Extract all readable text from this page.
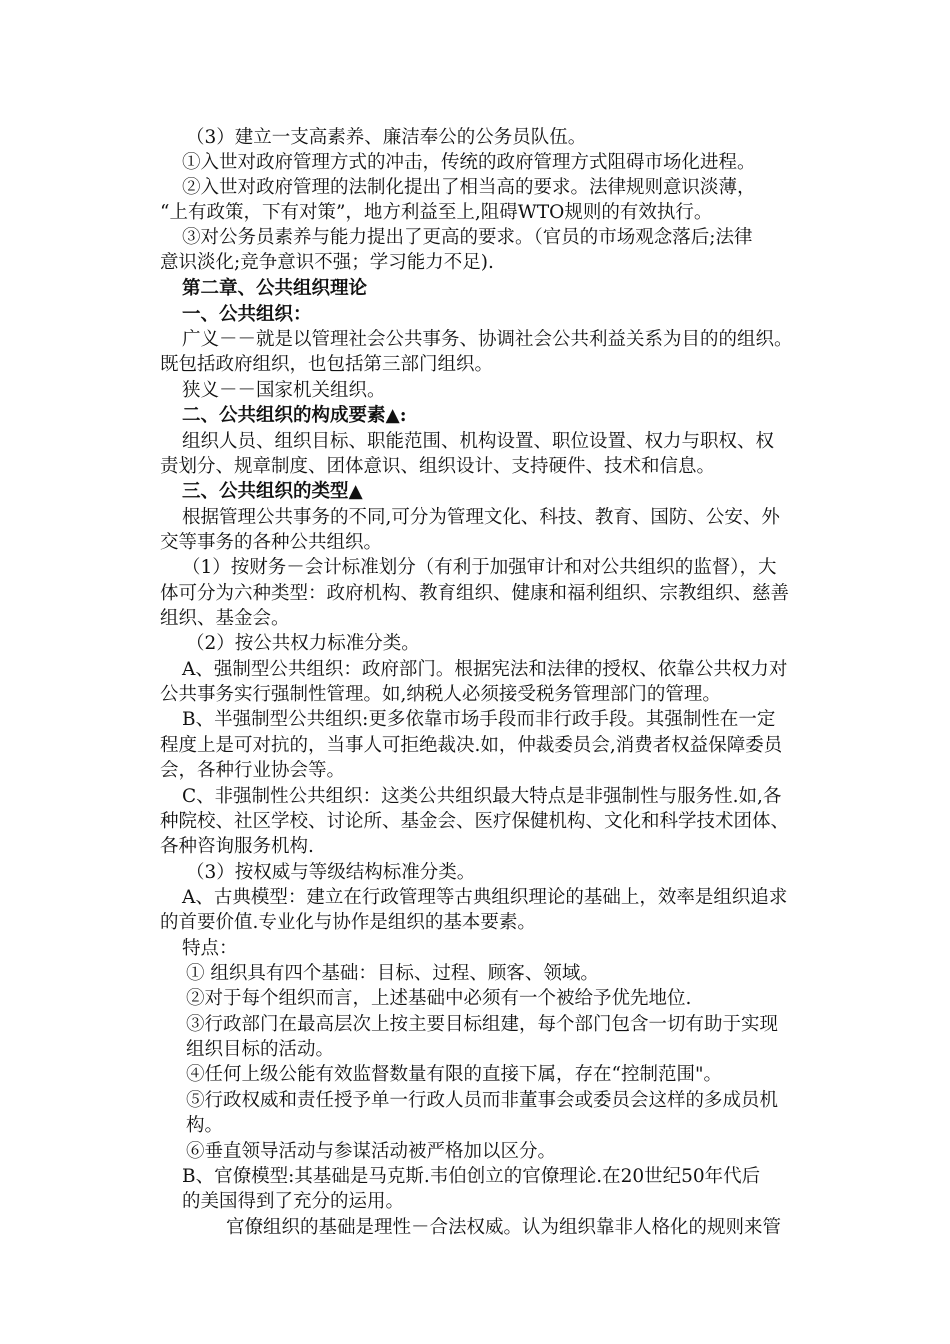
（3）建立一支高素养、廉洁奉公的公务员队伍。
①入世对政府管理方式的冲击，传统的政府管理方式阻碍市场化进程。
②入世对政府管理的法制化提出了相当高的要求。法律规则意识淡薄，
“上有政策，下有对策”，地方利益至上,阻碍WTO规则的有效执行。
③对公务员素养与能力提出了更高的要求。（官员的市场观念落后;法律
意识淡化;竞争意识不强；学习能力不足).
第二章、公共组织理论
一、公共组织：
广义－－就是以管理社会公共事务、协调社会公共利益关系为目的的组织。
既包括政府组织，也包括第三部门组织。
狭义－－国家机关组织。
二、公共组织的构成要素▲:
组织人员、组织目标、职能范围、机构设置、职位设置、权力与职权、权
责划分、规章制度、团体意识、组织设计、支持硬件、技术和信息。
三、公共组织的类型▲
根据管理公共事务的不同,可分为管理文化、科技、教育、国防、公安、外
交等事务的各种公共组织。
（1）按财务－会计标准划分（有利于加强审计和对公共组织的监督），大
体可分为六种类型：政府机构、教育组织、健康和福利组织、宗教组织、慈善
组织、基金会。
（2）按公共权力标准分类。
A、强制型公共组织：政府部门。根据宪法和法律的授权、依靠公共权力对
公共事务实行强制性管理。如,纳税人必须接受税务管理部门的管理。
B、半强制型公共组织:更多依靠市场手段而非行政手段。其强制性在一定
程度上是可对抗的，当事人可拒绝裁决.如，仲裁委员会,消费者权益保障委员
会，各种行业协会等。
C、非强制性公共组织：这类公共组织最大特点是非强制性与服务性.如,各
种院校、社区学校、讨论所、基金会、医疗保健机构、文化和科学技术团体、
各种咨询服务机构.
（3）按权威与等级结构标准分类。
A、古典模型：建立在行政管理等古典组织理论的基础上，效率是组织追求
的首要价值.专业化与协作是组织的基本要素。
特点：
① 组织具有四个基础：目标、过程、顾客、领域。
②对于每个组织而言，上述基础中必须有一个被给予优先地位.
③行政部门在最高层次上按主要目标组建，每个部门包含一切有助于实现
组织目标的活动。
④任何上级公能有效监督数量有限的直接下属，存在“控制范围"。
⑤行政权威和责任授予单一行政人员而非董事会或委员会这样的多成员机
构。
⑥垂直领导活动与参谋活动被严格加以区分。
B、官僚模型:其基础是马克斯.韦伯创立的官僚理论.在20世纪50年代后
的美国得到了充分的运用。
官僚组织的基础是理性－合法权威。认为组织靠非人格化的规则来管
